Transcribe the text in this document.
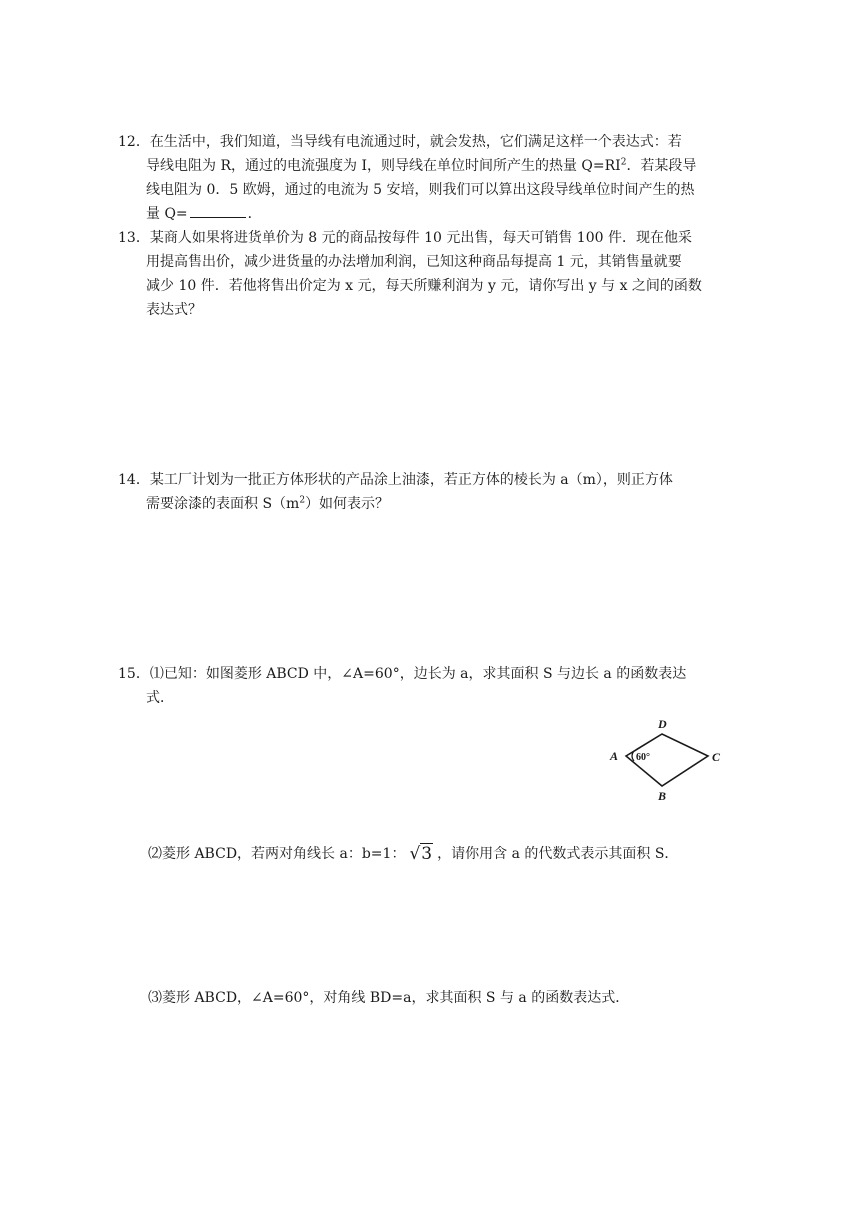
12．在生活中，我们知道，当导线有电流通过时，就会发热，它们满足这样一个表达式：若
导线电阻为 R，通过的电流强度为 I，则导线在单位时间所产生的热量 $Q=RI^2$．若某段导
线电阻为 0．5 欧姆，通过的电流为 5 安培，则我们可以算出这段导线单位时间产生的热
量 Q=	．
13．某商人如果将进货单价为 8 元的商品按每件 10 元出售，每天可销售 100 件．现在他采
用提高售出价，减少进货量的办法增加利润，已知这种商品每提高 1 元，其销售量就要
减少 10 件．若他将售出价定为 x 元，每天所赚利润为 y 元，请你写出 y 与 x 之间的函数
表达式？
14．某工厂计划为一批正方体形状的产品涂上油漆，若正方体的棱长为 a（m），则正方体
需要涂漆的表面积 $S(m^2)$如何表示？
15．⑴已知：如图菱形 ABCD 中，∠A=60°，边长为 a，求其面积 S 与边长 a 的函数表达
式．
D
A	C
B
60°
⑵菱形 ABCD，若两对角线长 a：b=1： √3 ，请你用含 a 的代数式表示其面积 S．
⑶菱形 ABCD，∠A=60°，对角线 BD=a，求其面积 S 与 a 的函数表达式．
